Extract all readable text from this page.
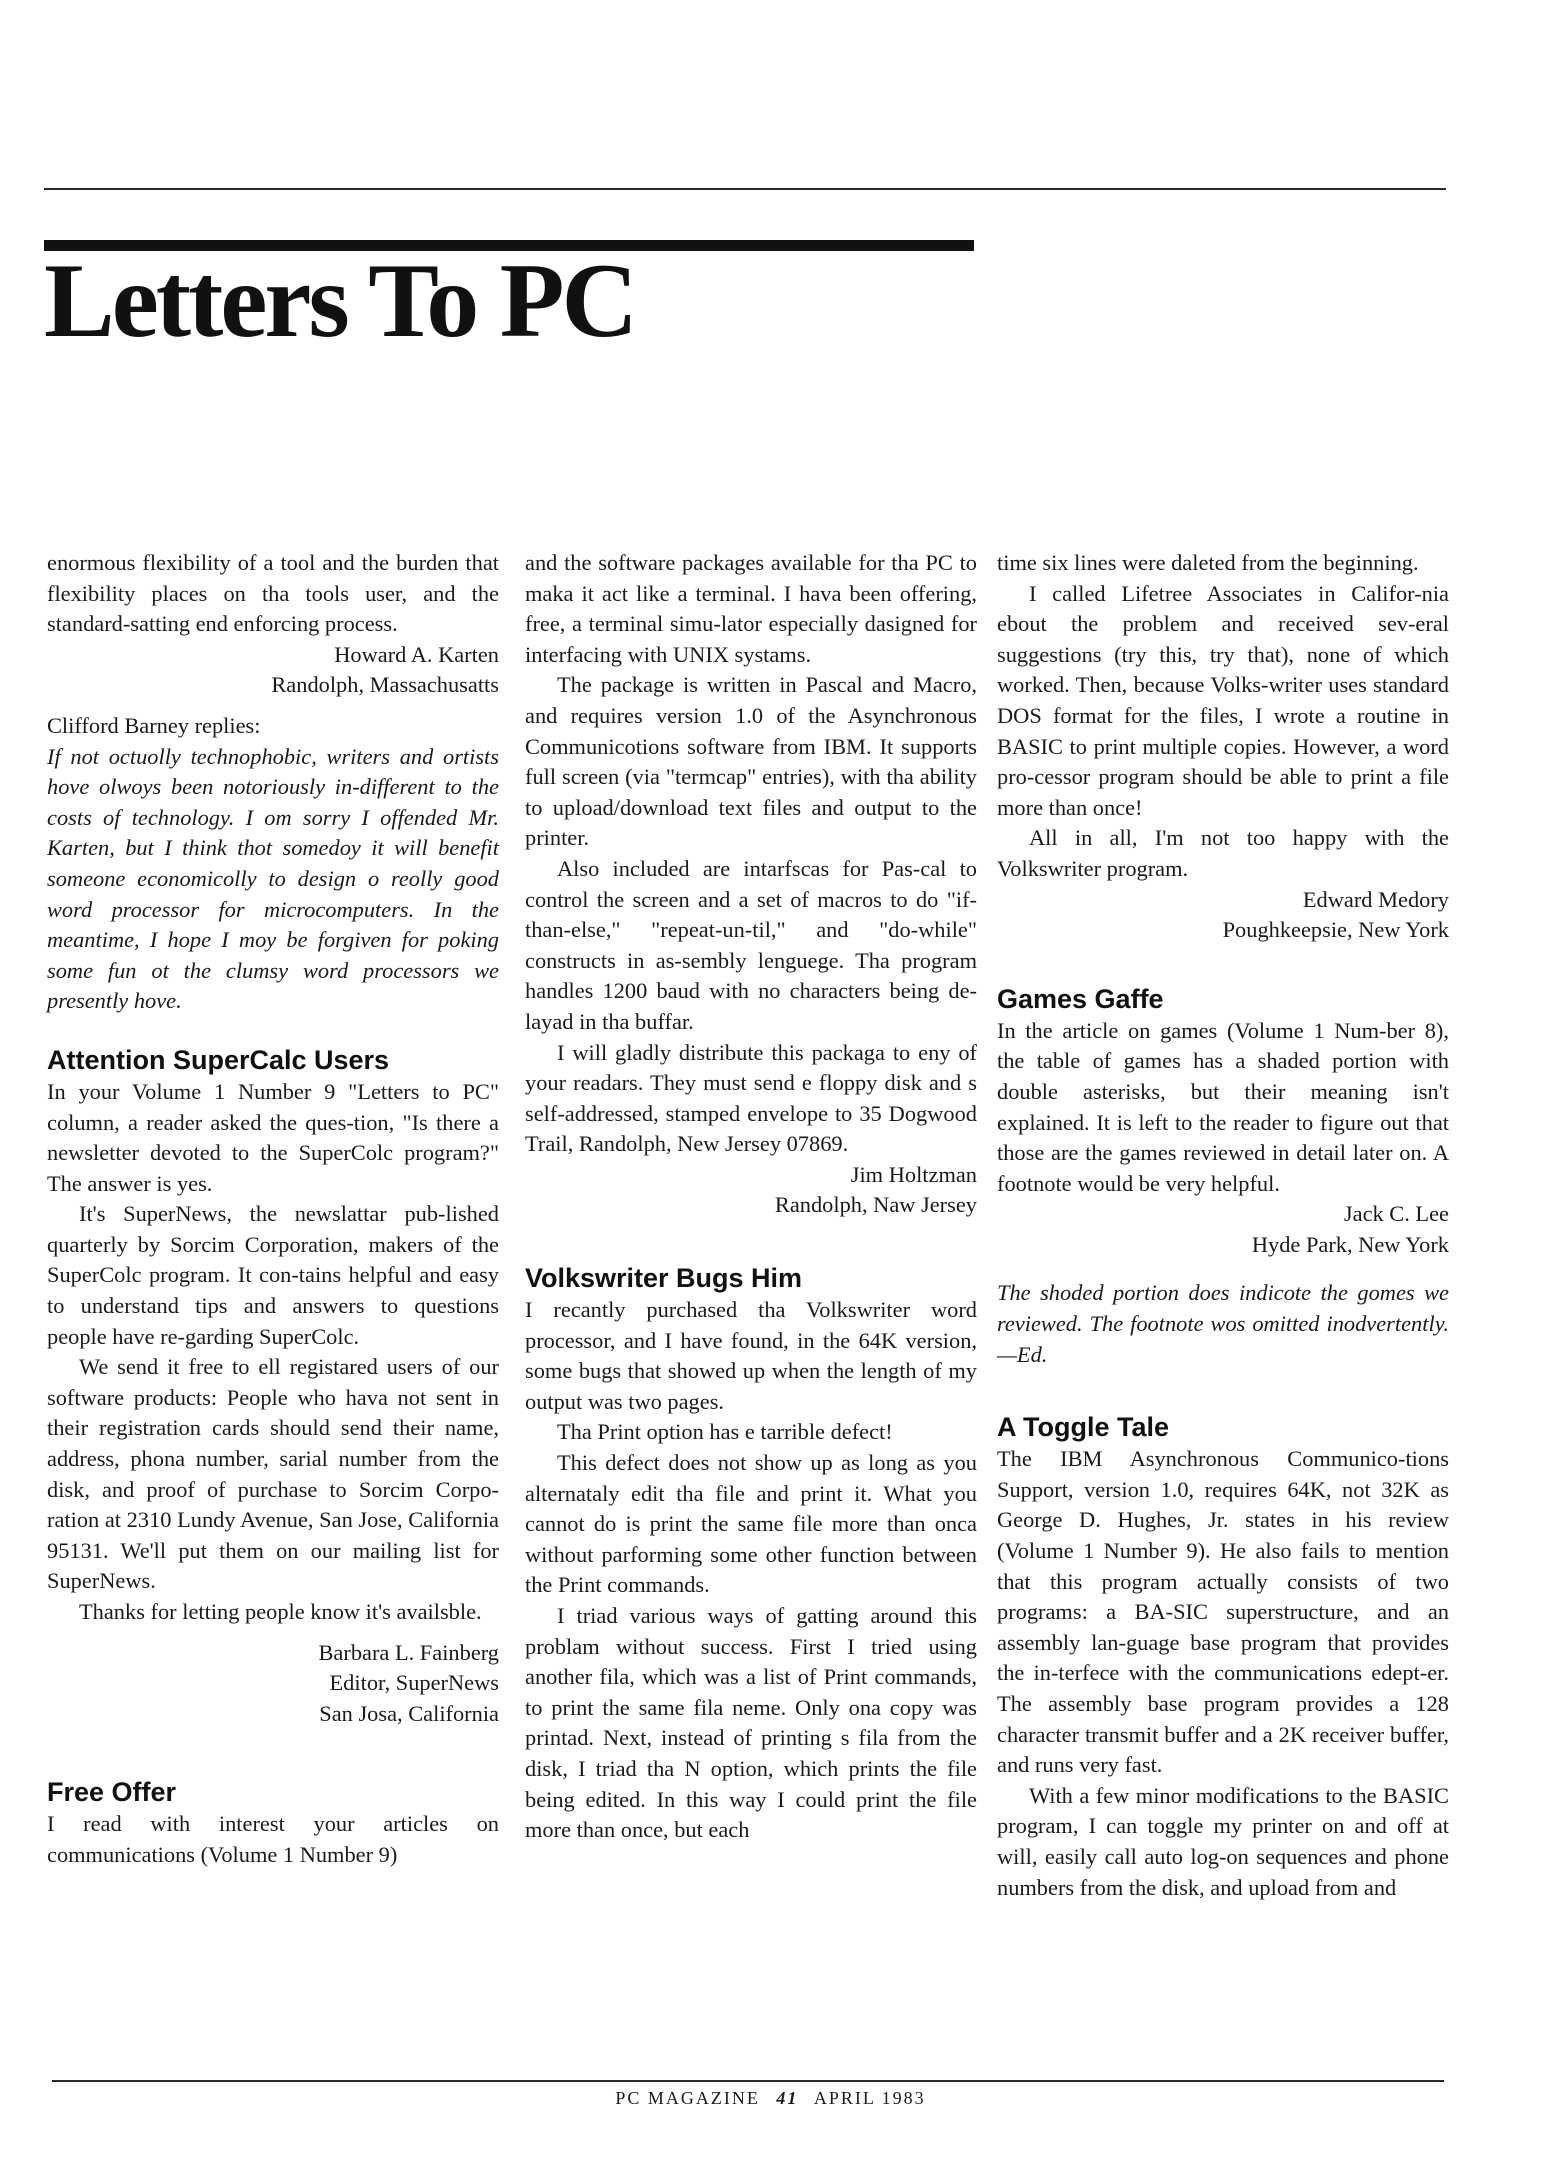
Letters To PC

enormous flexibility of a tool and the burden that flexibility places on tha tools user, and the standard-satting end enforcing process.

Howard A. Karten
Randolph, Massachusatts

Clifford Barney replies:

If not octuolly technophobic, writers and ortists hove olwoys been notoriously in-different to the costs of technology. I om sorry I offended Mr. Karten, but I think thot somedoy it will benefit someone economicolly to design o reolly good word processor for microcomputers. In the meantime, I hope I moy be forgiven for poking some fun ot the clumsy word processors we presently hove.

Attention SuperCalc Users

In your Volume 1 Number 9 "Letters to PC" column, a reader asked the ques-tion, "Is there a newsletter devoted to the SuperColc program?" The answer is yes.

It's SuperNews, the newslattar pub-lished quarterly by Sorcim Corporation, makers of the SuperColc program. It con-tains helpful and easy to understand tips and answers to questions people have re-garding SuperColc.

We send it free to ell registared users of our software products: People who hava not sent in their registration cards should send their name, address, phona number, sarial number from the disk, and proof of purchase to Sorcim Corpo-ration at 2310 Lundy Avenue, San Jose, California 95131. We'll put them on our mailing list for SuperNews.

Thanks for letting people know it's availsble.

Barbara L. Fainberg
Editor, SuperNews
San Josa, California
Free Offer

I read with interest your articles on communications (Volume 1 Number 9)

and the software packages available for tha PC to maka it act like a terminal. I hava been offering, free, a terminal simu-lator especially dasigned for interfacing with UNIX systams.

The package is written in Pascal and Macro, and requires version 1.0 of the Asynchronous Communicotions software from IBM. It supports full screen (via "termcap" entries), with tha ability to upload/download text files and output to the printer.

Also included are intarfscas for Pas-cal to control the screen and a set of macros to do "if-than-else," "repeat-un-til," and "do-while" constructs in as-sembly lenguege. Tha program handles 1200 baud with no characters being de-layad in tha buffar.

I will gladly distribute this packaga to eny of your readars. They must send e floppy disk and s self-addressed, stamped envelope to 35 Dogwood Trail, Randolph, New Jersey 07869.

Jim Holtzman
Randolph, Naw Jersey
Volkswriter Bugs Him

I recantly purchased tha Volkswriter word processor, and I have found, in the 64K version, some bugs that showed up when the length of my output was two pages.

Tha Print option has e tarrible defect!

This defect does not show up as long as you alternataly edit tha file and print it. What you cannot do is print the same file more than onca without parforming some other function between the Print commands.

I triad various ways of gatting around this problam without success. First I tried using another fila, which was a list of Print commands, to print the same fila neme. Only ona copy was printad. Next, instead of printing s fila from the disk, I triad tha N option, which prints the file being edited. In this way I could print the file more than once, but each

time six lines were daleted from the beginning.

I called Lifetree Associates in Califor-nia ebout the problem and received sev-eral suggestions (try this, try that), none of which worked. Then, because Volks-writer uses standard DOS format for the files, I wrote a routine in BASIC to print multiple copies. However, a word pro-cessor program should be able to print a file more than once!

All in all, I'm not too happy with the Volkswriter program.

Edward Medory
Poughkeepsie, New York
Games Gaffe

In the article on games (Volume 1 Num-ber 8), the table of games has a shaded portion with double asterisks, but their meaning isn't explained. It is left to the reader to figure out that those are the games reviewed in detail later on. A footnote would be very helpful.

Jack C. Lee
Hyde Park, New York

The shoded portion does indicote the gomes we reviewed. The footnote wos omitted inodvertently.—Ed.

A Toggle Tale

The IBM Asynchronous Communico-tions Support, version 1.0, requires 64K, not 32K as George D. Hughes, Jr. states in his review (Volume 1 Number 9). He also fails to mention that this program actually consists of two programs: a BA-SIC superstructure, and an assembly lan-guage base program that provides the in-terfece with the communications edept-er. The assembly base program provides a 128 character transmit buffer and a 2K receiver buffer, and runs very fast.

With a few minor modifications to the BASIC program, I can toggle my printer on and off at will, easily call auto log-on sequences and phone numbers from the disk, and upload from and

PC MAGAZINE 41 APRIL 1983
